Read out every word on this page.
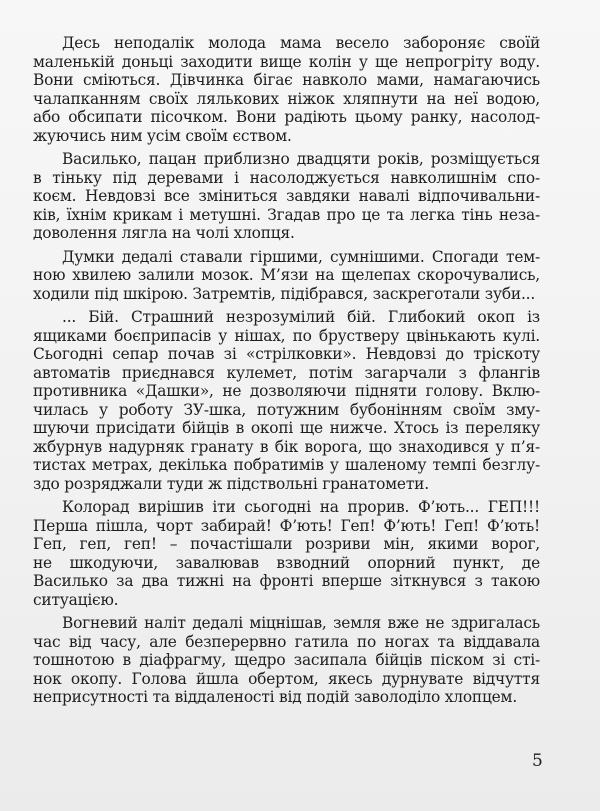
Десь неподалік молода мама весело забороняє своїй
маленькій доньці заходити вище колін у ще непрогріту воду.
Вони сміються. Дівчинка бігає навколо мами, намагаючись
чалапканням своїх лялькових ніжок хляпнути на неї водою,
або обсипати пісочком. Вони радіють цьому ранку, насолод-
жуючись ним усім своїм єством.
Василько, пацан приблизно двадцяти років, розміщується
в тіньку під деревами і насолоджується навколишнім спо-
коєм. Невдовзі все зміниться завдяки навалі відпочивальни-
ків, їхнім крикам і метушні. Згадав про це та легка тінь неза-
доволення лягла на чолі хлопця.
Думки дедалі ставали гіршими, сумнішими. Спогади тем-
ною хвилею залили мозок. М’язи на щелепах скорочувались,
ходили під шкірою. Затремтів, підібрався, заскреготали зуби...
... Бій. Страшний незрозумілий бій. Глибокий окоп із
ящиками боєприпасів у нішах, по брустверу цвінькають кулі.
Сьогодні сепар почав зі «стрілковки». Невдовзі до тріскоту
автоматів приєднався кулемет, потім загарчали з флангів
противника «Дашки», не дозволяючи підняти голову. Вклю-
чилась у роботу ЗУ-шка, потужним бубонінням своїм зму-
шуючи присідати бійців в окопі ще нижче. Хтось із переляку
жбурнув надурняк гранату в бік ворога, що знаходився у п’я-
тистах метрах, декілька побратимів у шаленому темпі безглу-
здо розряджали туди ж підствольні гранатомети.
Колорад вирішив іти сьогодні на прорив. Ф’ють... ГЕП!!!
Перша пішла, чорт забирай! Ф’ють! Геп! Ф’ють! Геп! Ф’ють!
Геп, геп, геп! – почастішали розриви мін, якими ворог,
не шкодуючи, завалював взводний опорний пункт, де
Василько за два тижні на фронті вперше зіткнувся з такою
ситуацією.
Вогневий наліт дедалі міцнішав, земля вже не здригалась
час від часу, але безперервно гатила по ногах та віддавала
тошнотою в діафрагму, щедро засипала бійців піском зі сті-
нок окопу. Голова йшла обертом, якесь дурнувате відчуття
неприсутності та віддаленості від подій заволоділо хлопцем.
5
